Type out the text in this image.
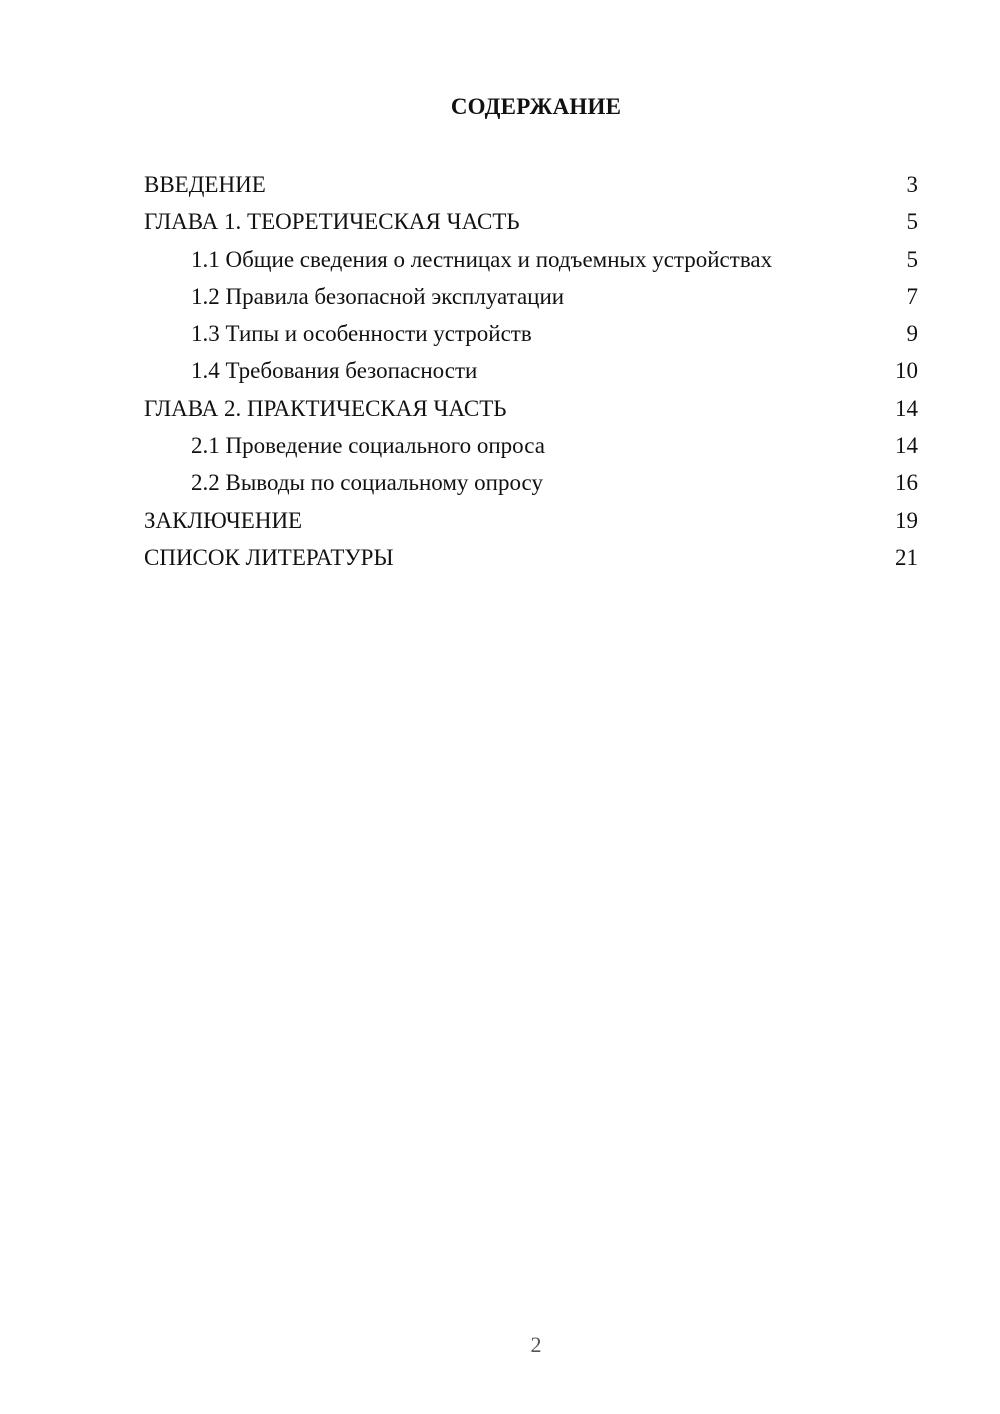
СОДЕРЖАНИЕ
ВВЕДЕНИЕ	3
ГЛАВА 1. ТЕОРЕТИЧЕСКАЯ ЧАСТЬ	5
1.1 Общие сведения о лестницах и подъемных устройствах	5
1.2 Правила безопасной эксплуатации	7
1.3 Типы и особенности устройств	9
1.4 Требования безопасности	10
ГЛАВА 2. ПРАКТИЧЕСКАЯ ЧАСТЬ	14
2.1 Проведение социального опроса	14
2.2 Выводы по социальному опросу	16
ЗАКЛЮЧЕНИЕ	19
СПИСОК ЛИТЕРАТУРЫ	21
2
